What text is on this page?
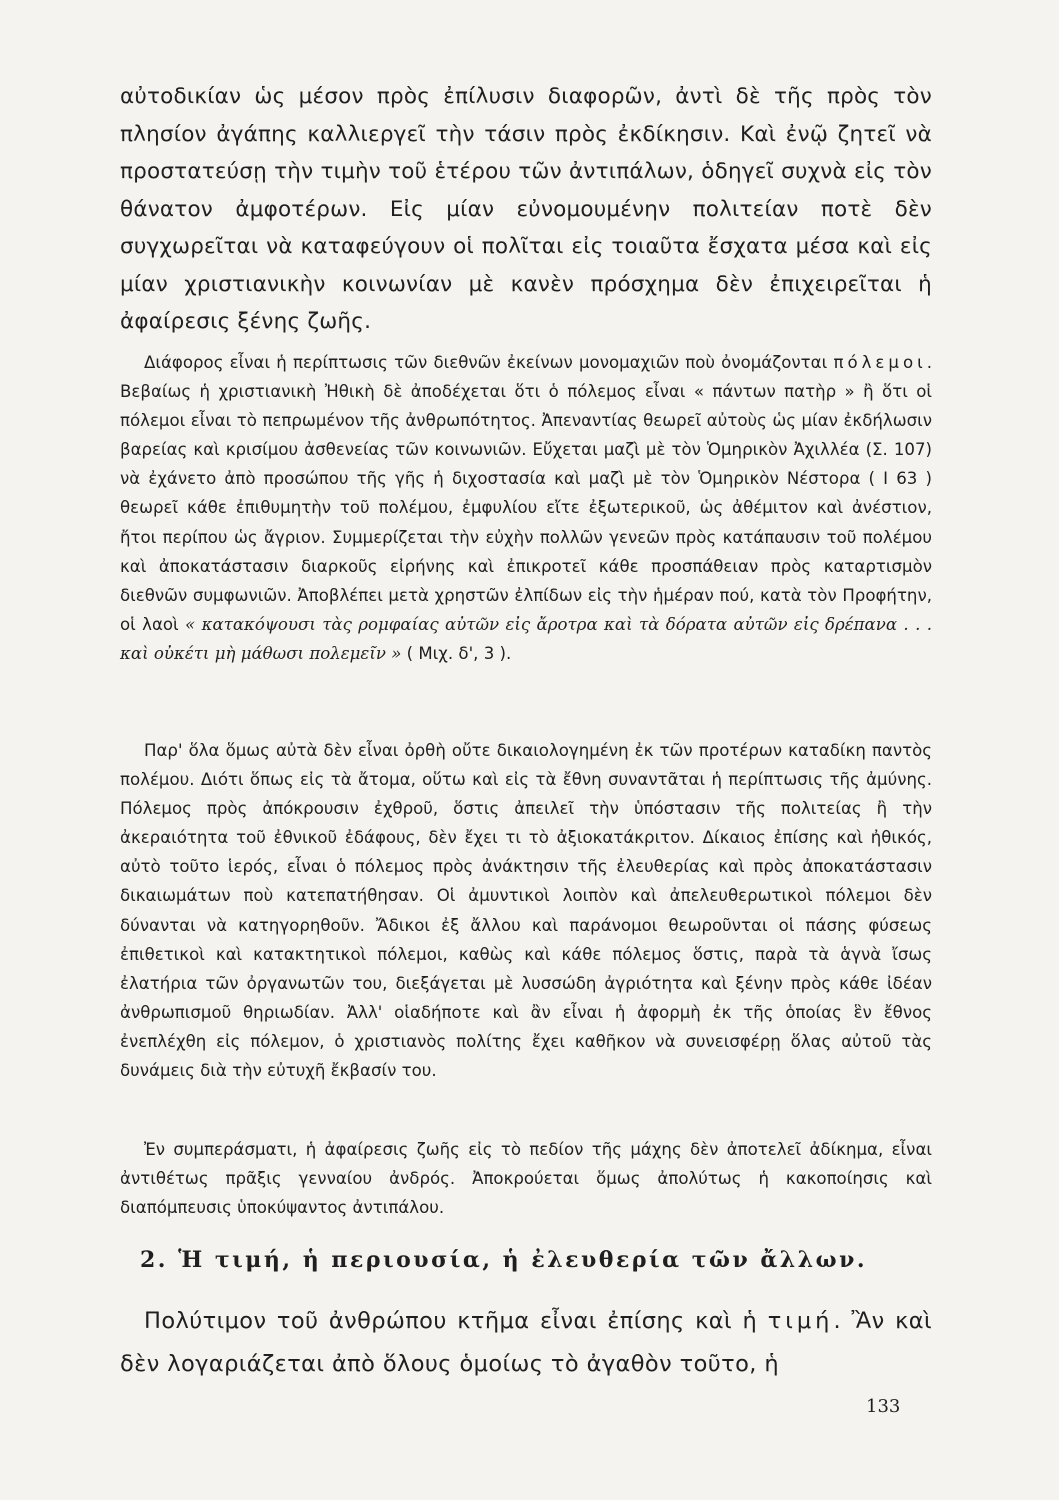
αὐτοδικίαν ὡς μέσον πρὸς ἐπίλυσιν διαφορῶν, ἀντὶ δὲ τῆς πρὸς τὸν πλησίον ἀγάπης καλλιεργεῖ τὴν τάσιν πρὸς ἐκδίκησιν. Καὶ ἐνῷ ζητεῖ νὰ προστατεύσῃ τὴν τιμὴν τοῦ ἑτέρου τῶν ἀντιπάλων, ὁδηγεῖ συχνὰ εἰς τὸν θάνατον ἀμφοτέρων. Εἰς μίαν εὐνομουμένην πολιτείαν ποτὲ δὲν συγχωρεῖται νὰ καταφεύγουν οἱ πολῖται εἰς τοιαῦτα ἔσχατα μέσα καὶ εἰς μίαν χριστιανικὴν κοινωνίαν μὲ κανὲν πρόσχημα δὲν ἐπιχειρεῖται ἡ ἀφαίρεσις ξένης ζωῆς.

Διάφορος εἶναι ἡ περίπτωσις τῶν διεθνῶν ἐκείνων μονομαχιῶν ποὺ ὀνομάζονται πόλεμοι. Βεβαίως ἡ χριστιανικὴ Ἠθικὴ δὲ ἀποδέχεται ὅτι ὁ πόλεμος εἶναι « πάντων πατὴρ » ἢ ὅτι οἱ πόλεμοι εἶναι τὸ πεπρωμένον τῆς ἀνθρωπότητος. Ἀπεναντίας θεωρεῖ αὐτοὺς ὡς μίαν ἐκδήλωσιν βαρείας καὶ κρισίμου ἀσθενείας τῶν κοινωνιῶν. Εὔχεται μαζὶ μὲ τὸν Ὁμηρικὸν Ἀχιλλέα (Σ. 107) νὰ ἐχάνετο ἀπὸ προσώπου τῆς γῆς ἡ διχοστασία καὶ μαζὶ μὲ τὸν Ὁμηρικὸν Νέστορα ( I 63 ) θεωρεῖ κάθε ἐπιθυμητὴν τοῦ πολέμου, ἐμφυλίου εἴτε ἐξωτερικοῦ, ὡς ἀθέμιτον καὶ ἀνέστιον, ἤτοι περίπου ὡς ἄγριον. Συμμερίζεται τὴν εὐχὴν πολλῶν γενεῶν πρὸς κατάπαυσιν τοῦ πολέμου καὶ ἀποκατάστασιν διαρκοῦς εἰρήνης καὶ ἐπικροτεῖ κάθε προσπάθειαν πρὸς καταρτισμὸν διεθνῶν συμφωνιῶν. Ἀποβλέπει μετὰ χρηστῶν ἐλπίδων εἰς τὴν ἡμέραν πού, κατὰ τὸν Προφήτην, οἱ λαοὶ « κατακόψουσι τὰς ρομφαίας αὐτῶν εἰς ἄροτρα καὶ τὰ δόρατα αὐτῶν εἰς δρέπανα . . . καὶ οὐκέτι μὴ μάθωσι πολεμεῖν » ( Μιχ. δ', 3 ).

Παρ' ὅλα ὅμως αὐτὰ δὲν εἶναι ὀρθὴ οὔτε δικαιολογημένη ἐκ τῶν προτέρων καταδίκη παντὸς πολέμου. Διότι ὅπως εἰς τὰ ἄτομα, οὕτω καὶ εἰς τὰ ἔθνη συναντᾶται ἡ περίπτωσις τῆς ἀμύνης. Πόλεμος πρὸς ἀπόκρουσιν ἐχθροῦ, ὅστις ἀπειλεῖ τὴν ὑπόστασιν τῆς πολιτείας ἢ τὴν ἀκεραιότητα τοῦ ἐθνικοῦ ἐδάφους, δὲν ἔχει τι τὸ ἀξιοκατάκριτον. Δίκαιος ἐπίσης καὶ ἠθικός, αὐτὸ τοῦτο ἱερός, εἶναι ὁ πόλεμος πρὸς ἀνάκτησιν τῆς ἐλευθερίας καὶ πρὸς ἀποκατάστασιν δικαιωμάτων ποὺ κατεπατήθησαν. Οἱ ἀμυντικοὶ λοιπὸν καὶ ἀπελευθερωτικοὶ πόλεμοι δὲν δύνανται νὰ κατηγορηθοῦν. Ἄδικοι ἐξ ἄλλου καὶ παράνομοι θεωροῦνται οἱ πάσης φύσεως ἐπιθετικοὶ καὶ κατακτητικοὶ πόλεμοι, καθὼς καὶ κάθε πόλεμος ὅστις, παρὰ τὰ ἁγνὰ ἴσως ἐλατήρια τῶν ὀργανωτῶν του, διεξάγεται μὲ λυσσώδη ἀγριότητα καὶ ξένην πρὸς κάθε ἰδέαν ἀνθρωπισμοῦ θηριωδίαν. Ἀλλ' οἱαδήποτε καὶ ἂν εἶναι ἡ ἀφορμὴ ἐκ τῆς ὁποίας ἓν ἔθνος ἐνεπλέχθη εἰς πόλεμον, ὁ χριστιανὸς πολίτης ἔχει καθῆκον νὰ συνεισφέρῃ ὅλας αὐτοῦ τὰς δυνάμεις διὰ τὴν εὐτυχῆ ἔκβασίν του.

Ἐν συμπεράσματι, ἡ ἀφαίρεσις ζωῆς εἰς τὸ πεδίον τῆς μάχης δὲν ἀποτελεῖ ἀδίκημα, εἶναι ἀντιθέτως πρᾶξις γενναίου ἀνδρός. Ἀποκρούεται ὅμως ἀπολύτως ἡ κακοποίησις καὶ διαπόμπευσις ὑποκύψαντος ἀντιπάλου.

2. Ἡ τιμή, ἡ περιουσία, ἡ ἐλευθερία τῶν ἄλλων.

Πολύτιμον τοῦ ἀνθρώπου κτῆμα εἶναι ἐπίσης καὶ ἡ τιμή. Ἂν καὶ δὲν λογαριάζεται ἀπὸ ὅλους ὁμοίως τὸ ἀγαθὸν τοῦτο, ἡ

133
